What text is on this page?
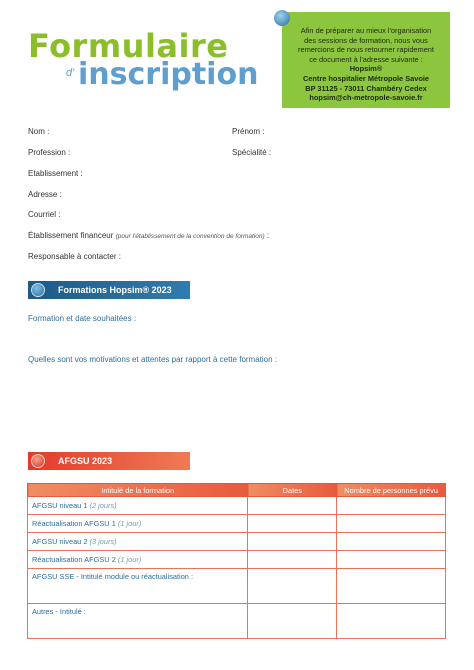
Formulaire
d' inscription
Afin de préparer au mieux l'organisation
des sessions de formation, nous vous
remercions de nous retourner rapidement
ce document à l'adresse suivante :
Hopsim®
Centre hospitalier Métropole Savoie
BP 31125 - 73011 Chambéry Cedex
hopsim@ch-metropole-savoie.fr
Nom :	Prénom :
Profession :	Spécialité :
Etablissement :
Adresse :
Courriel :
Établissement financeur (pour l'établissement de la convention de formation) :
Responsable à contacter :
Formations Hopsim® 2023
Formation et date souhaitées :
Quelles sont vos motivations et attentes par rapport à cette formation :
AFGSU 2023
Intitulé de la formation	Dates	Nombre de personnes prévu
AFGSU niveau 1 (2 jours)		
Réactualisation AFGSU 1 (1 jour)		
AFGSU niveau 2 (3 jours)		
Réactualisation AFGSU 2 (1 jour)		
AFGSU SSE - Intitulé module ou réactualisation :		
Autres - Intitulé :		
